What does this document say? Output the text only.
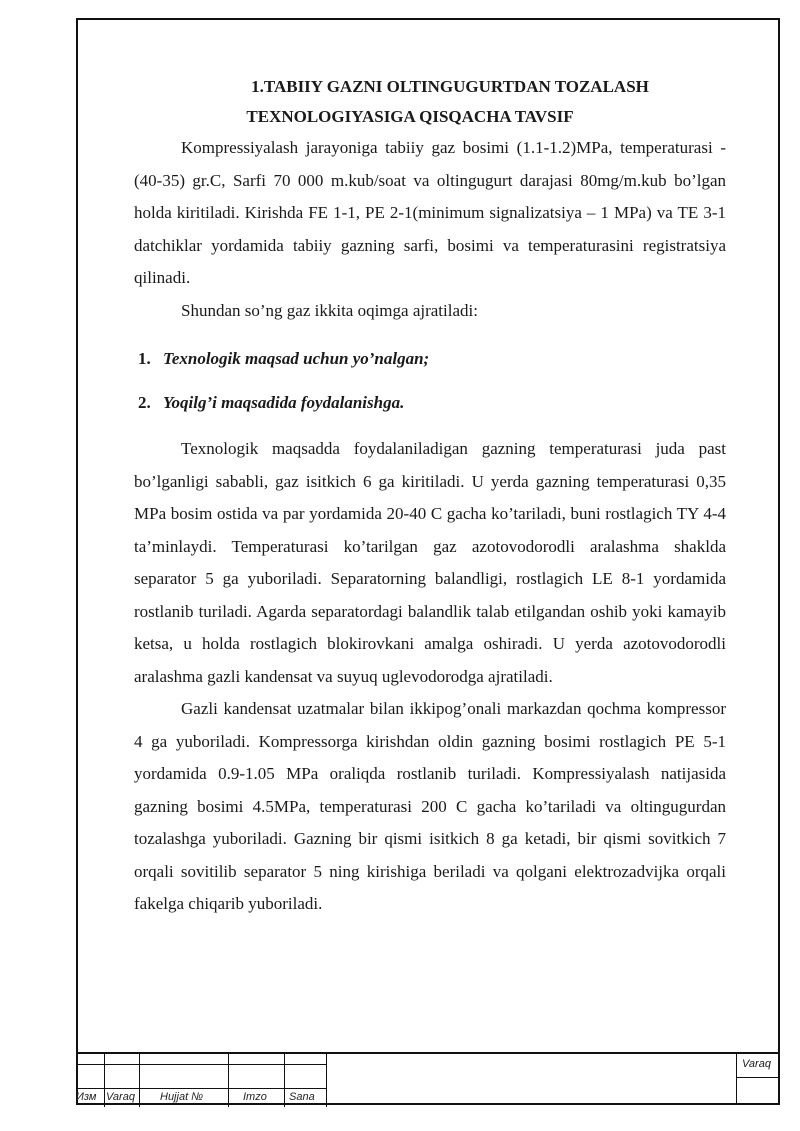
1.TABIIY GAZNI OLTINGUGURTDAN TOZALASH
TEXNOLOGIYASIGA QISQACHA TAVSIF

Kompressiyalash jarayoniga tabiiy gaz bosimi (1.1-1.2)MPa, temperaturasi -(40-35) gr.C, Sarfi 70 000 m.kub/soat va oltingugurt darajasi 80mg/m.kub bo’lgan holda kiritiladi. Kirishda FE 1-1, PE 2-1(minimum signalizatsiya – 1 MPa) va TE 3-1 datchiklar yordamida tabiiy gazning sarfi, bosimi va temperaturasini registratsiya qilinadi.

Shundan so’ng gaz ikkita oqimga ajratiladi:

1. Texnologik maqsad uchun yo’nalgan;
2. Yoqilg’i maqsadida foydalanishga.

Texnologik maqsadda foydalaniladigan gazning temperaturasi juda past bo’lganligi sababli, gaz isitkich 6 ga kiritiladi. U yerda gazning temperaturasi 0,35 MPa bosim ostida va par yordamida 20-40 C gacha ko’tariladi, buni rostlagich TY 4-4 ta’minlaydi. Temperaturasi ko’tarilgan gaz azotovodorodli aralashma shaklda separator 5 ga yuboriladi. Separatorning balandligi, rostlagich LE 8-1 yordamida rostlanib turiladi. Agarda separatordagi balandlik talab etilgandan oshib yoki kamayib ketsa, u holda rostlagich blokirovkani amalga oshiradi. U yerda azotovodorodli aralashma gazli kandensat va suyuq uglevodorodga ajratiladi.

Gazli kandensat uzatmalar bilan ikkipog’onali markazdan qochma kompressor 4 ga yuboriladi. Kompressorga kirishdan oldin gazning bosimi rostlagich PE 5-1 yordamida 0.9-1.05 MPa oraliqda rostlanib turiladi. Kompressiyalash natijasida gazning bosimi 4.5MPa, temperaturasi 200 C gacha ko’tariladi va oltingugurdan tozalashga yuboriladi. Gazning bir qismi isitkich 8 ga ketadi, bir qismi sovitkich 7 orqali sovitilib separator 5 ning kirishiga beriladi va qolgani elektrozadvijka orqali fakelga chiqarib yuboriladi.

Изм Varaq Hujjat №	Imzo Sana
Varaq
